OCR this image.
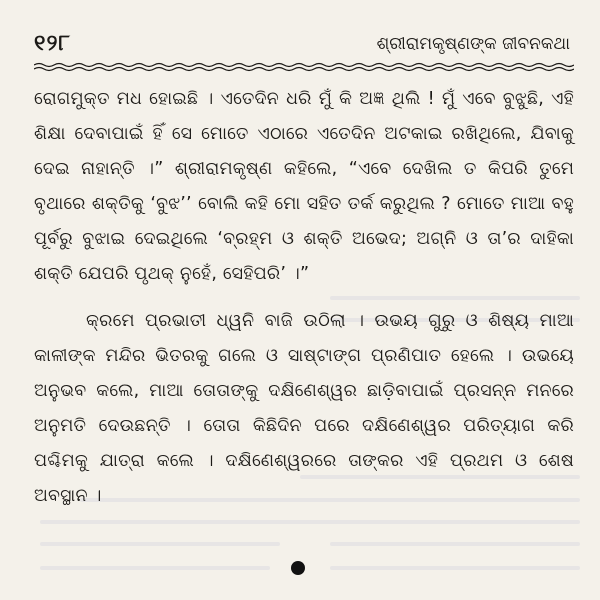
୧୨୮	ଶ୍ରୀରାମକୃଷ୍ଣଙ୍କ ଜୀବନକଥା

ରୋଗମୁକ୍ତ ମଧ ହୋଇଛି । ଏତେଦିନ ଧରି ମୁଁ କି ଅଜ୍ଞ ଥିଲି ! ମୁଁ ଏବେ ବୁଝୁଛି, ଏହି ଶିକ୍ଷା ଦେବାପାଇଁ ହିଁ ସେ ମୋତେ ଏଠାରେ ଏତେଦିନ ଅଟକାଇ ରଖିଥିଲେ, ଯିବାକୁ ଦେଇ ନାହାନ୍ତି ।” ଶ୍ରୀରାମକୃଷ୍ଣ କହିଲେ, “ଏବେ ଦେଖିଲ ତ କିପରି ତୁମେ ବୃଥାରେ ଶକ୍ତିକୁ ‘ବୁଝ’’ ବୋଲି କହି ମୋ ସହିତ ତର୍କ କରୁଥିଲ ? ମୋତେ ମାଆ ବହୁ ପୂର୍ବରୁ ବୁଝାଇ ଦେଇଥିଲେ ‘ବ୍ରହ୍ମ ଓ ଶକ୍ତି ଅଭେଦ; ଅଗ୍ନି ଓ ତା’ର ଦାହିକା ଶକ୍ତି ଯେପରି ପୃଥକ୍ ନୁହେଁ, ସେହିପରି’ ।”

କ୍ରମେ ପ୍ରଭାତୀ ଧ୍ୱନି ବାଜି ଉଠିଲା । ଉଭୟ ଗୁରୁ ଓ ଶିଷ୍ୟ ମାଆ କାଳୀଙ୍କ ମନ୍ଦିର ଭିତରକୁ ଗଲେ ଓ ସାଷ୍ଟାଙ୍ଗ ପ୍ରଣିପାତ ହେଲେ । ଉଭୟେ ଅନୁଭବ କଲେ, ମାଆ ତୋତାଙ୍କୁ ଦକ୍ଷିଣେଶ୍ୱର ଛାଡ଼ିବାପାଇଁ ପ୍ରସନ୍ନ ମନରେ ଅନୁମତି ଦେଉଛନ୍ତି । ତୋତା କିଛିଦିନ ପରେ ଦକ୍ଷିଣେଶ୍ୱର ପରିତ୍ୟାଗ କରି ପଶ୍ଚିମକୁ ଯାତ୍ରା କଲେ । ଦକ୍ଷିଣେଶ୍ୱରରେ ତାଙ୍କର ଏହି ପ୍ରଥମ ଓ ଶେଷ ଅବସ୍ଥାନ ।
